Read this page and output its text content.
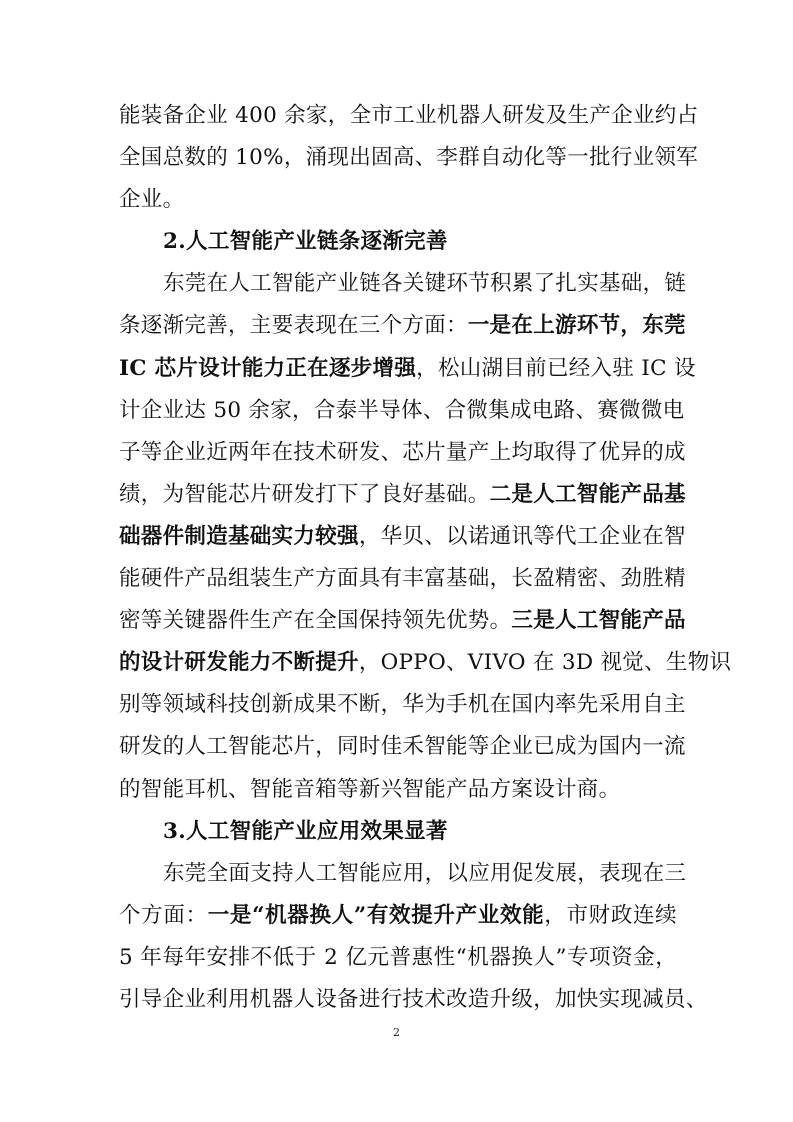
能装备企业 400 余家，全市工业机器人研发及生产企业约占
全国总数的 10%，涌现出固高、李群自动化等一批行业领军
企业。
2.人工智能产业链条逐渐完善
东莞在人工智能产业链各关键环节积累了扎实基础，链
条逐渐完善，主要表现在三个方面：一是在上游环节，东莞
IC 芯片设计能力正在逐步增强，松山湖目前已经入驻 IC 设
计企业达 50 余家，合泰半导体、合微集成电路、赛微微电
子等企业近两年在技术研发、芯片量产上均取得了优异的成
绩，为智能芯片研发打下了良好基础。二是人工智能产品基
础器件制造基础实力较强，华贝、以诺通讯等代工企业在智
能硬件产品组装生产方面具有丰富基础，长盈精密、劲胜精
密等关键器件生产在全国保持领先优势。三是人工智能产品
的设计研发能力不断提升，OPPO、VIVO 在 3D 视觉、生物识
别等领域科技创新成果不断，华为手机在国内率先采用自主
研发的人工智能芯片，同时佳禾智能等企业已成为国内一流
的智能耳机、智能音箱等新兴智能产品方案设计商。
3.人工智能产业应用效果显著
东莞全面支持人工智能应用，以应用促发展，表现在三
个方面：一是“机器换人”有效提升产业效能，市财政连续
5 年每年安排不低于 2 亿元普惠性“机器换人”专项资金，
引导企业利用机器人设备进行技术改造升级，加快实现减员、
2
